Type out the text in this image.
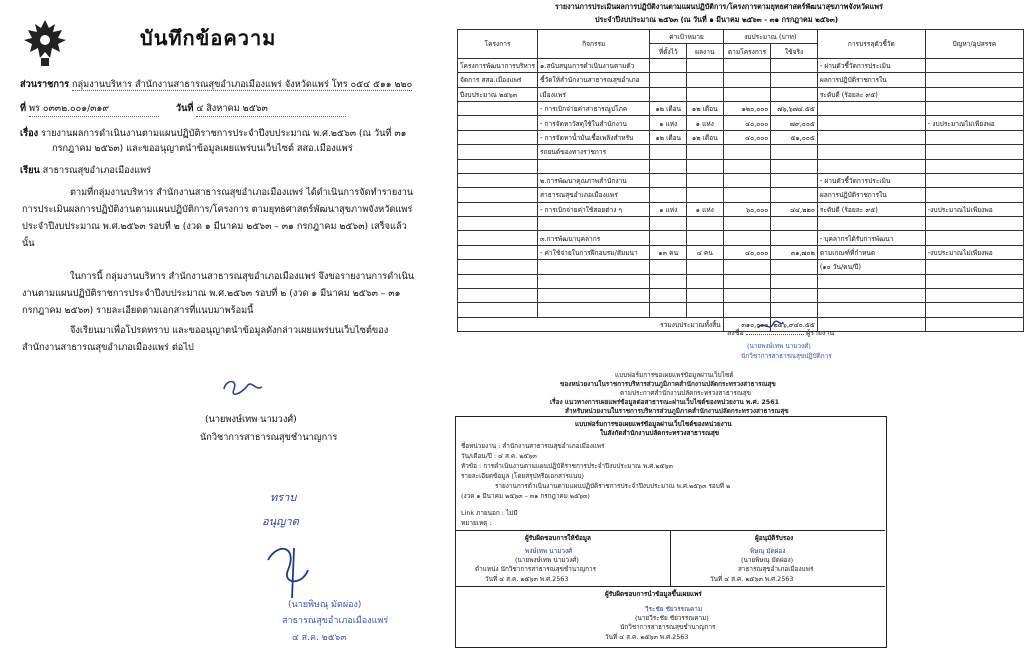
บันทึกข้อความ
ส่วนราชการ กลุ่มงานบริหาร สำนักงานสาธารณสุขอำเภอเมืองแพร่ จังหวัดแพร่ โทร ๐๕๔ ๕๑๑ ๒๒๐
ที่ พร ๐๓๓๒.๐๐๑/๓๑๙	วันที่ ๔ สิงหาคม ๒๕๖๓
เรื่อง รายงานผลการดำเนินงานตามแผนปฏิบัติราชการประจำปีงบประมาณ พ.ศ.๒๕๖๓ (ณ วันที่ ๓๑
กรกฎาคม ๒๕๖๓) และขออนุญาตนำข้อมูลเผยแพร่บนเว็บไซต์ สสอ.เมืองแพร่
เรียน สาธารณสุขอำเภอเมืองแพร่
ตามที่กลุ่มงานบริหาร สำนักงานสาธารณสุขอำเภอเมืองแพร่ ได้ดำเนินการจัดทำรายงานการประเมินผลการปฏิบัติงานตามแผนปฏิบัติการ/โครงการ ตามยุทธศาสตร์พัฒนาสุขภาพจังหวัดแพร่ ประจำปีงบประมาณ พ.ศ.๒๕๖๓ รอบที่ ๒ (งวด ๑ มีนาคม ๒๕๖๓ – ๓๑ กรกฎาคม ๒๕๖๓) เสร็จแล้ว นั้น
ในการนี้ กลุ่มงานบริหาร สำนักงานสาธารณสุขอำเภอเมืองแพร่ จึงขอรายงานการดำเนินงานตามแผนปฏิบัติราชการประจำปีงบประมาณ พ.ศ.๒๕๖๓ รอบที่ ๒ (งวด ๑ มีนาคม ๒๕๖๓ – ๓๑ กรกฎาคม ๒๕๖๓) รายละเอียดตามเอกสารที่แนบมาพร้อมนี้
จึงเรียนมาเพื่อโปรดทราบ และขออนุญาตนำข้อมูลดังกล่าวเผยแพร่บนเว็บไซต์ของสำนักงานสาธารณสุขอำเภอเมืองแพร่ ต่อไป
(นายพงษ์เทพ นามวงศ์)
นักวิชาการสาธารณสุขชำนาญการ
ทราบ
อนุญาต
(นายพิษณุ มัดผ่อง)
สาธารณสุขอำเภอเมืองแพร่
๔ ส.ค. ๒๕๖๓
รายงานการประเมินผลการปฏิบัติงานตามแผนปฏิบัติการ/โครงการตามยุทธศาสตร์พัฒนาสุขภาพจังหวัดแพร่
ประจำปีงบประมาณ ๒๕๖๓ (ณ วันที่ ๑ มีนาคม ๒๕๖๓ - ๓๑ กรกฎาคม ๒๕๖๓)
โครงการ	กิจกรรม	ค่าเป้าหมาย		งบประมาณ (บาท)		การบรรลุตัวชี้วัด	ปัญหา/อุปสรรค
		ที่ตั้งไว้	ผลงาน	ตามโครงการ	ใช้จริง		
โครงการพัฒนาการบริหาร	๑.สนับสนุนการดำเนินงานตามตัว					- ผ่านตัวชี้วัดการประเมิน	
จัดการ สสอ.เมืองแพร่	ชี้วัดให้สำนักงานสาธารณสุขอำเภอ					ผลการปฏิบัติราชการใน	
ปีงบประมาณ ๒๕๖๓	เมืองแพร่					ระดับดี (ร้อยละ ๙๕)	
	- การเบิกจ่ายค่าสาธารณูปโภค	๑๒ เดือน	๑๒ เดือน	๑๒๐,๐๐๐	๗๖,๖๗๔.๕๕		
	- การจัดหาวัสดุใช้ในสำนักงาน	๑ แห่ง	๑ แห่ง	๔๐,๐๐๐	๗๙,๐๐๕		- งบประมาณไม่เพียงพอ
	- การจัดหาน้ำมันเชื้อเพลิงสำหรับ	๑๒ เดือน	๑๒ เดือน	๔๐,๐๐๐	๕๑,๐๐๕		
	รถยนต์ของทางราชการ						

	๒.การพัฒนาคุณภาพสำนักงาน					- ผ่านตัวชี้วัดการประเมิน	
	สาธารณสุขอำเภอเมืองแพร่					ผลการปฏิบัติราชการใน	
	- การเบิกจ่ายค่าใช้สอยต่าง ๆ	๑ แห่ง	๑ แห่ง	๖๐,๐๐๐	๔๔,๒๒๐	ระดับดี (ร้อยละ ๙๕)	-งบประมาณไม่เพียงพอ

	๓.การพัฒนาบุคลากร					- บุคลากรได้รับการพัฒนา	
	- ค่าใช้จ่ายในการฝึกอบรม/สัมมนา	๑๓ คน	๔ คน	๔๐,๐๐๐	๓๑,๗๐๒	ตามเกณฑ์ที่กำหนด	-งบประมาณไม่เพียงพอ
						(๑๐ วัน/คน/ปี)	

รวมงบประมาณทั้งสิ้น				๓๑๐,๐๐๐	๒๔๖,๙๔๐.๕๕		
ลงชื่อ	ผู้รายงาน
(นายพงษ์เทพ นามวงศ์)
นักวิชาการสาธารณสุขปฏิบัติการ
แบบฟอร์มการขอเผยแพร่ข้อมูลผ่านเว็บไซต์
ของหน่วยงานในราชการบริหารส่วนภูมิภาคสำนักงานปลัดกระทรวงสาธารณสุข
ตามประกาศสำนักงานปลัดกระทรวงสาธารณสุข
เรื่อง แนวทางการเผยแพร่ข้อมูลต่อสาธารณะผ่านเว็บไซต์ของหน่วยงาน พ.ศ. 2561
สำหรับหน่วยงานในราชการบริหารส่วนภูมิภาคสำนักงานปลัดกระทรวงสาธารณสุข
แบบฟอร์มการขอเผยแพร่ข้อมูลผ่านเว็บไซต์ของหน่วยงาน
ในสังกัดสำนักงานปลัดกระทรวงสาธารณสุข
ชื่อหน่วยงาน : สำนักงานสาธารณสุขอำเภอเมืองแพร่
วัน/เดือน/ปี : ๔ ส.ค. ๒๕๖๓
หัวข้อ : การดำเนินงานตามแผนปฏิบัติราชการประจำปีงบประมาณ พ.ศ.๒๕๖๓
รายละเอียดข้อมูล (โดยสรุปหรือเอกสารแนบ)
รายงานการดำเนินงานตามแผนปฏิบัติราชการประจำปีงบประมาณ พ.ศ.๒๕๖๓ รอบที่ ๒
(งวด ๑ มีนาคม ๒๕๖๓ – ๓๑ กรกฎาคม ๒๕๖๓)
Link ภายนอก : ไม่มี
หมายเหตุ :
ผู้รับผิดชอบการให้ข้อมูล
พงษ์เทพ นามวงศ์
(นายพงษ์เทพ นามวงศ์)
ตำแหน่ง นักวิชาการสาธารณสุขชำนาญการ
วันที่ ๔ ส.ค. ๒๕๖๓ พ.ศ.2563
ผู้อนุมัติรับรอง
พิษณุ มัดผ่อง
(นายพิษณุ มัดผ่อง)
สาธารณสุขอำเภอเมืองแพร่
วันที่ ๔ ส.ค. ๒๕๖๓ พ.ศ.2563
ผู้รับผิดชอบการนำข้อมูลขึ้นเผยแพร่
วีระชัย ชัยวรรณคาม
(นายวีระชัย ชัยวรรณคาม)
นักวิชาการสาธารณสุขชำนาญการ
วันที่ ๔ ส.ค. ๒๕๖๓ พ.ศ.2563
